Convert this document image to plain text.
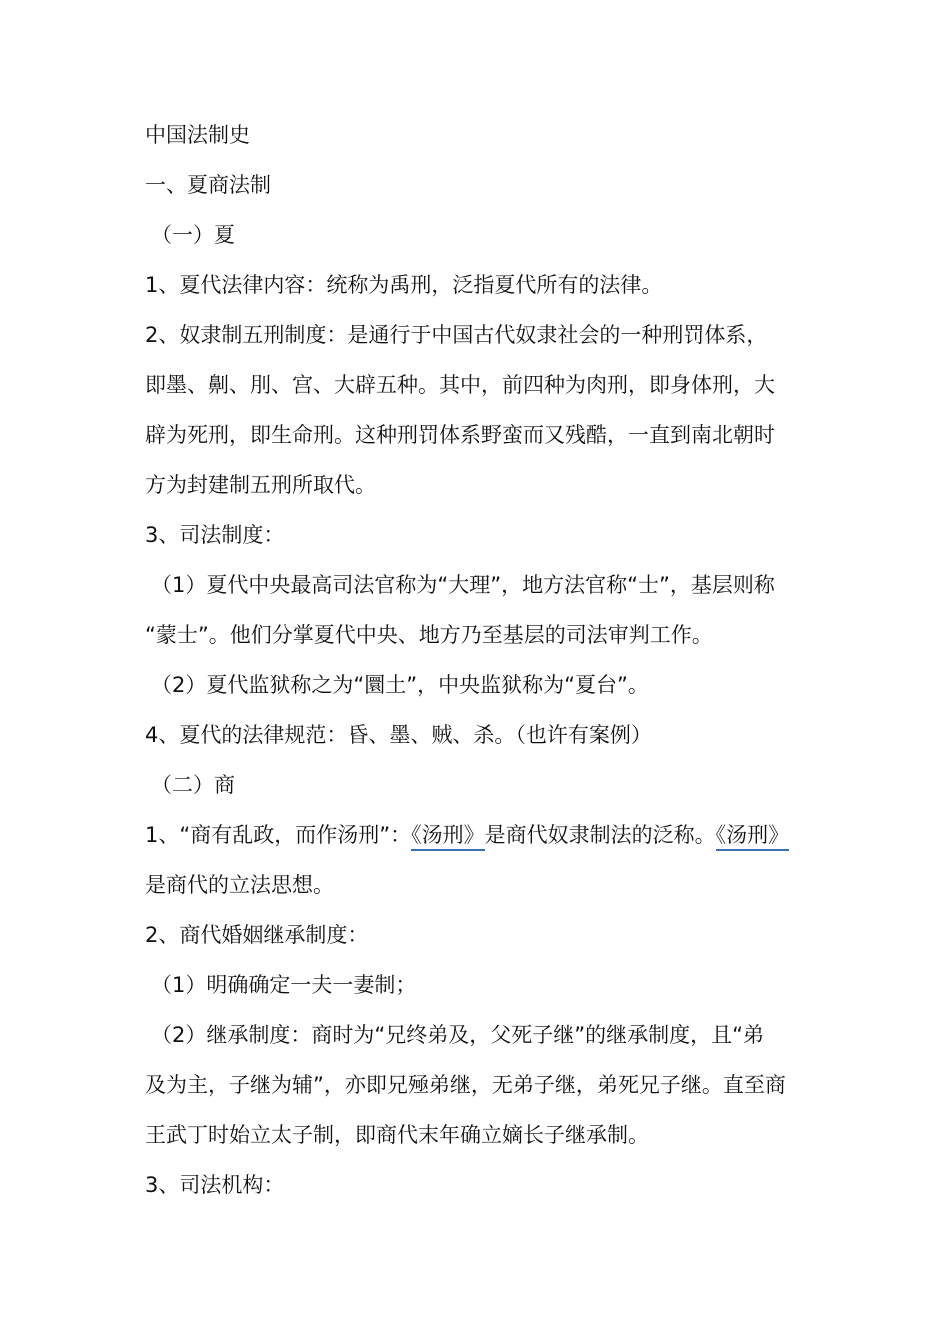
中国法制史
一、夏商法制
（一）夏
1、夏代法律内容：统称为禹刑，泛指夏代所有的法律。
2、奴隶制五刑制度：是通行于中国古代奴隶社会的一种刑罚体系，
即墨、劓、刖、宫、大辟五种。其中，前四种为肉刑，即身体刑，大
辟为死刑，即生命刑。这种刑罚体系野蛮而又残酷，一直到南北朝时
方为封建制五刑所取代。
3、司法制度：
（1）夏代中央最高司法官称为“大理”，地方法官称“士”，基层则称
“蒙士”。他们分掌夏代中央、地方乃至基层的司法审判工作。
（2）夏代监狱称之为“圜土”，中央监狱称为“夏台”。
4、夏代的法律规范：昏、墨、贼、杀。（也许有案例）
（二）商
1、“商有乱政，而作汤刑”：《汤刑》是商代奴隶制法的泛称。《汤刑》
是商代的立法思想。
2、商代婚姻继承制度：
（1）明确确定一夫一妻制；
（2）继承制度：商时为“兄终弟及，父死子继”的继承制度，且“弟
及为主，子继为辅”，亦即兄殛弟继，无弟子继，弟死兄子继。直至商
王武丁时始立太子制，即商代末年确立嫡长子继承制。
3、司法机构：
